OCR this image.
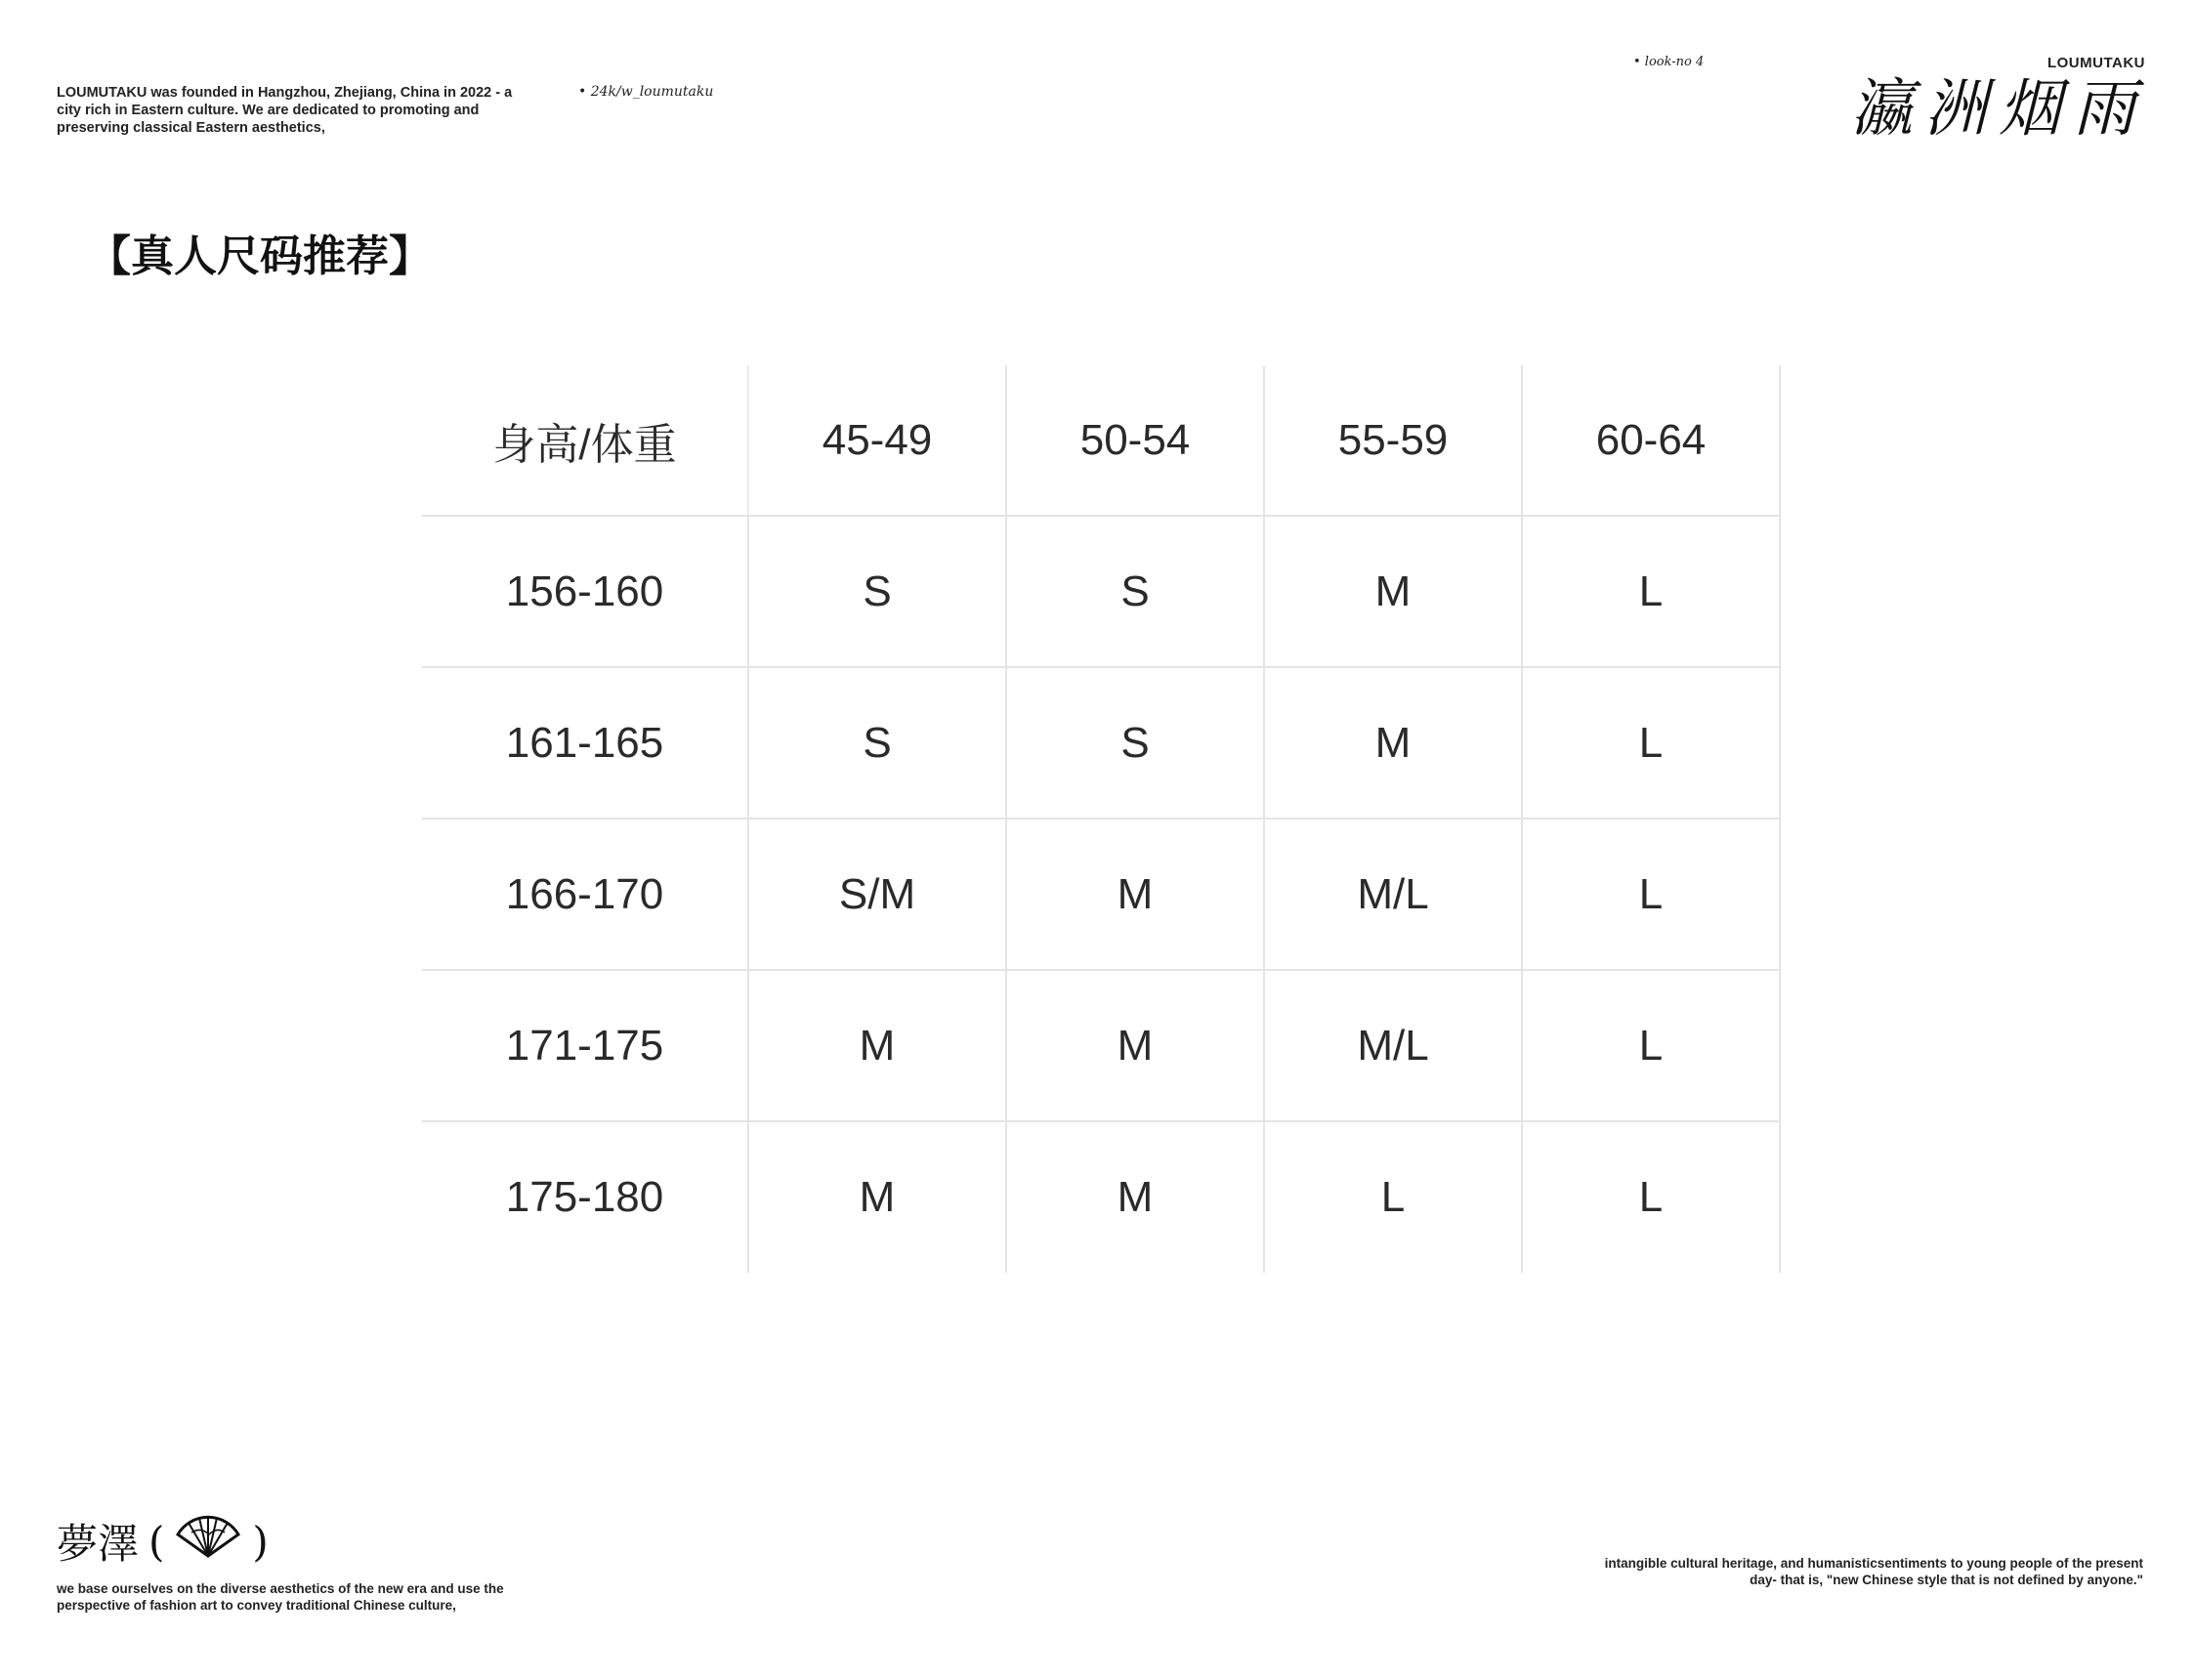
LOUMUTAKU was founded in Hangzhou, Zhejiang, China in 2022 - a city rich in Eastern culture. We are dedicated to promoting and preserving classical Eastern aesthetics,
• 24k/w_loumutaku
• look-no 4	LOUMUTAKU
瀛洲烟雨
【真人尺码推荐】
身高/体重	45-49	50-54	55-59	60-64
156-160	S	S	M	L
161-165	S	S	M	L
166-170	S/M	M	M/L	L
171-175	M	M	M/L	L
175-180	M	M	L	L
夢澤 ( )
we base ourselves on the diverse aesthetics of the new era and use the perspective of fashion art to convey traditional Chinese culture,
intangible cultural heritage, and humanisticsentiments to young people of the present day- that is, "new Chinese style that is not defined by anyone."
